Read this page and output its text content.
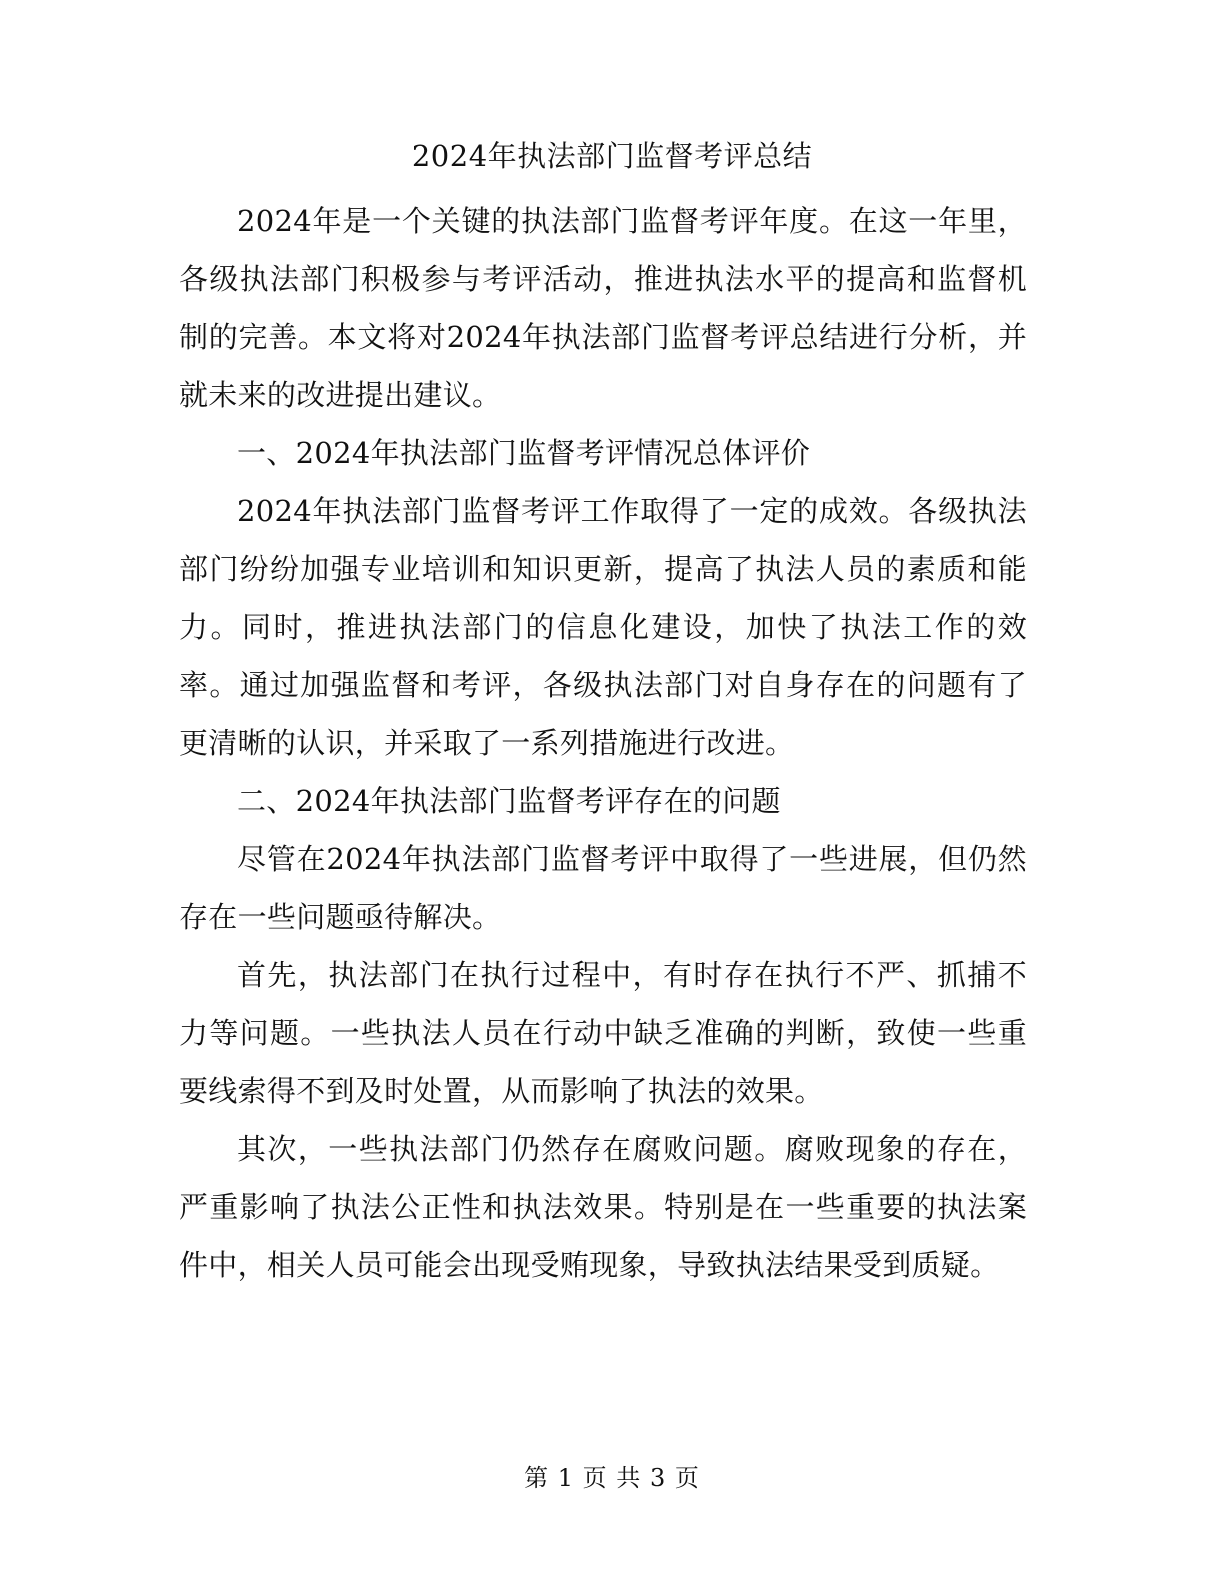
2024年执法部门监督考评总结

2024年是一个关键的执法部门监督考评年度。在这一年里，各级执法部门积极参与考评活动，推进执法水平的提高和监督机制的完善。本文将对2024年执法部门监督考评总结进行分析，并就未来的改进提出建议。

一、2024年执法部门监督考评情况总体评价

2024年执法部门监督考评工作取得了一定的成效。各级执法部门纷纷加强专业培训和知识更新，提高了执法人员的素质和能力。同时，推进执法部门的信息化建设，加快了执法工作的效率。通过加强监督和考评，各级执法部门对自身存在的问题有了更清晰的认识，并采取了一系列措施进行改进。

二、2024年执法部门监督考评存在的问题

尽管在2024年执法部门监督考评中取得了一些进展，但仍然存在一些问题亟待解决。

首先，执法部门在执行过程中，有时存在执行不严、抓捕不力等问题。一些执法人员在行动中缺乏准确的判断，致使一些重要线索得不到及时处置，从而影响了执法的效果。

其次，一些执法部门仍然存在腐败问题。腐败现象的存在，严重影响了执法公正性和执法效果。特别是在一些重要的执法案件中，相关人员可能会出现受贿现象，导致执法结果受到质疑。

第 1 页 共 3 页
